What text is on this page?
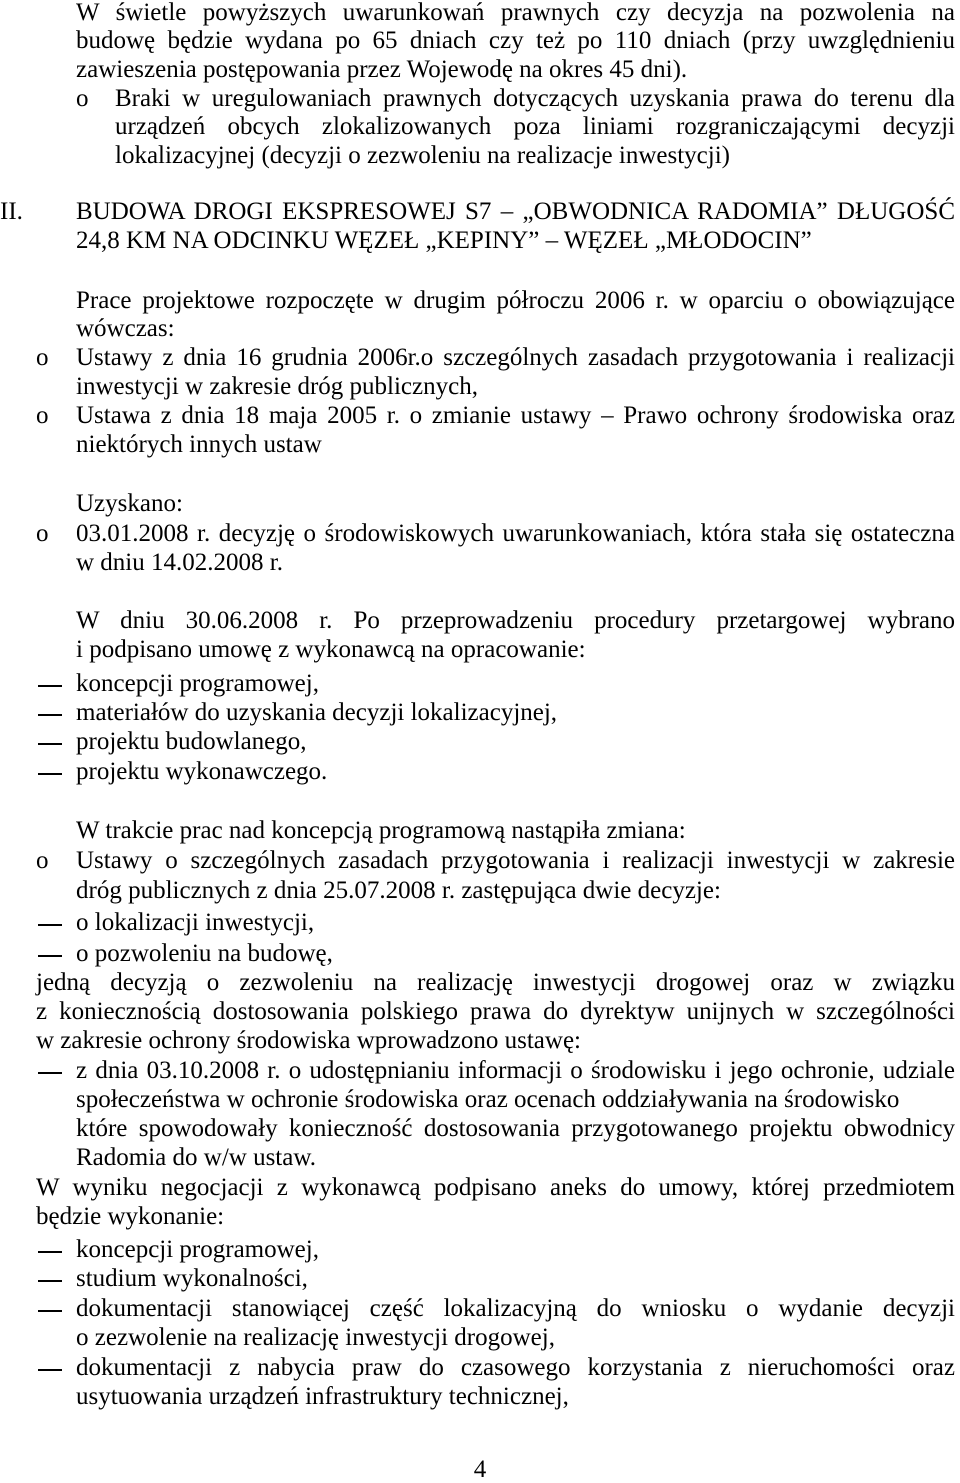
W świetle powyższych uwarunkowań prawnych czy decyzja na pozwolenia na
budowę będzie wydana po 65 dniach czy też po 110 dniach (przy uwzględnieniu
zawieszenia postępowania przez Wojewodę na okres 45 dni).
o Braki w uregulowaniach prawnych dotyczących uzyskania prawa do terenu dla
urządzeń obcych zlokalizowanych poza liniami rozgraniczającymi decyzji
lokalizacyjnej (decyzji o zezwoleniu na realizacje inwestycji)
II. BUDOWA DROGI EKSPRESOWEJ S7 – „OBWODNICA RADOMIA” DŁUGOŚĆ
24,8 KM NA ODCINKU WĘZEŁ „KEPINY” – WĘZEŁ „MŁODOCIN”
Prace projektowe rozpoczęte w drugim półroczu 2006 r. w oparciu o obowiązujące
wówczas:
o Ustawy z dnia 16 grudnia 2006r.o szczególnych zasadach przygotowania i realizacji
inwestycji w zakresie dróg publicznych,
o Ustawa z dnia 18 maja 2005 r. o zmianie ustawy – Prawo ochrony środowiska oraz
niektórych innych ustaw
Uzyskano:
o 03.01.2008 r. decyzję o środowiskowych uwarunkowaniach, która stała się ostateczna
w dniu 14.02.2008 r.
W dniu 30.06.2008 r. Po przeprowadzeniu procedury przetargowej wybrano
i podpisano umowę z wykonawcą na opracowanie:
koncepcji programowej,
materiałów do uzyskania decyzji lokalizacyjnej,
projektu budowlanego,
projektu wykonawczego.
W trakcie prac nad koncepcją programową nastąpiła zmiana:
o Ustawy o szczególnych zasadach przygotowania i realizacji inwestycji w zakresie
dróg publicznych z dnia 25.07.2008 r. zastępująca dwie decyzje:
o lokalizacji inwestycji,
o pozwoleniu na budowę,
jedną decyzją o zezwoleniu na realizację inwestycji drogowej oraz w związku
z koniecznością dostosowania polskiego prawa do dyrektyw unijnych w szczególności
w zakresie ochrony środowiska wprowadzono ustawę:
z dnia 03.10.2008 r. o udostępnianiu informacji o środowisku i jego ochronie, udziale
społeczeństwa w ochronie środowiska oraz ocenach oddziaływania na środowisko
które spowodowały konieczność dostosowania przygotowanego projektu obwodnicy
Radomia do w/w ustaw.
W wyniku negocjacji z wykonawcą podpisano aneks do umowy, której przedmiotem
będzie wykonanie:
koncepcji programowej,
studium wykonalności,
dokumentacji stanowiącej część lokalizacyjną do wniosku o wydanie decyzji
o zezwolenie na realizację inwestycji drogowej,
dokumentacji z nabycia praw do czasowego korzystania z nieruchomości oraz
usytuowania urządzeń infrastruktury technicznej,
4
